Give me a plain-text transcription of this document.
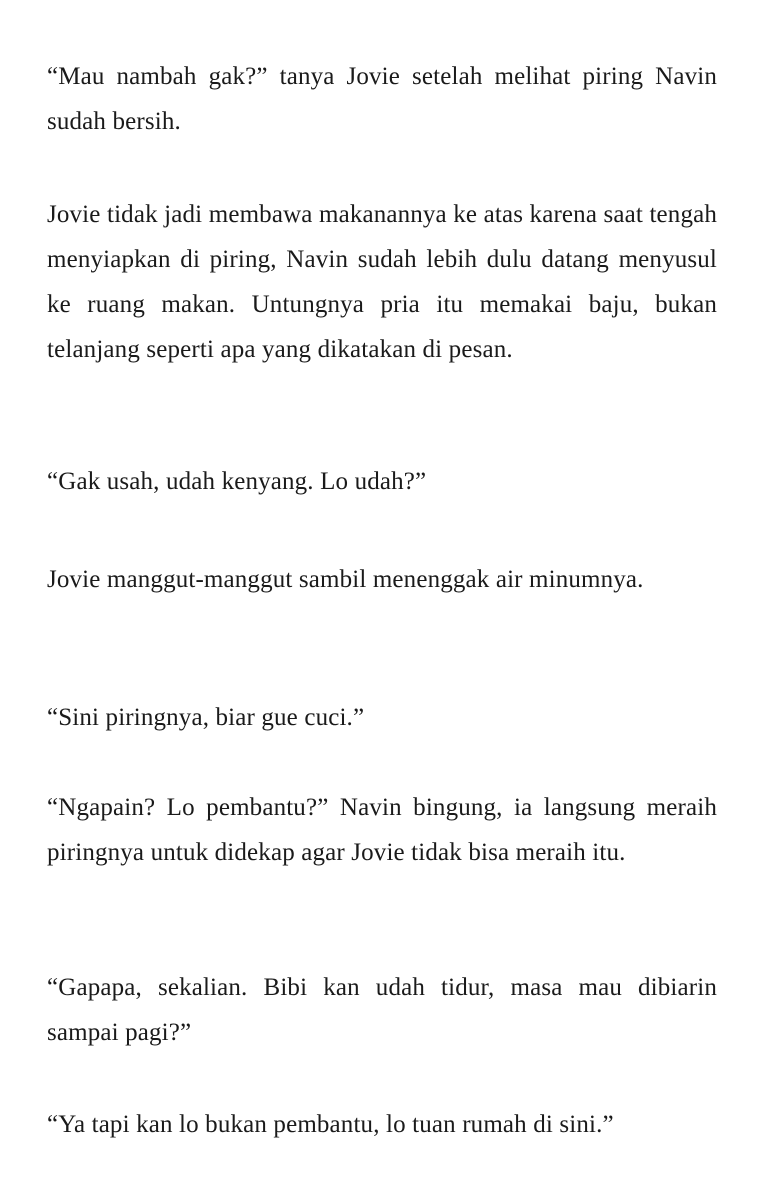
“Mau nambah gak?” tanya Jovie setelah melihat piring Navin sudah bersih.

Jovie tidak jadi membawa makanannya ke atas karena saat tengah menyiapkan di piring, Navin sudah lebih dulu datang menyusul ke ruang makan. Untungnya pria itu memakai baju, bukan telanjang seperti apa yang dikatakan di pesan.

“Gak usah, udah kenyang. Lo udah?”

Jovie manggut-manggut sambil menenggak air minumnya.

“Sini piringnya, biar gue cuci.”

“Ngapain? Lo pembantu?” Navin bingung, ia langsung meraih piringnya untuk didekap agar Jovie tidak bisa meraih itu.

“Gapapa, sekalian. Bibi kan udah tidur, masa mau dibiarin sampai pagi?”

“Ya tapi kan lo bukan pembantu, lo tuan rumah di sini.”
